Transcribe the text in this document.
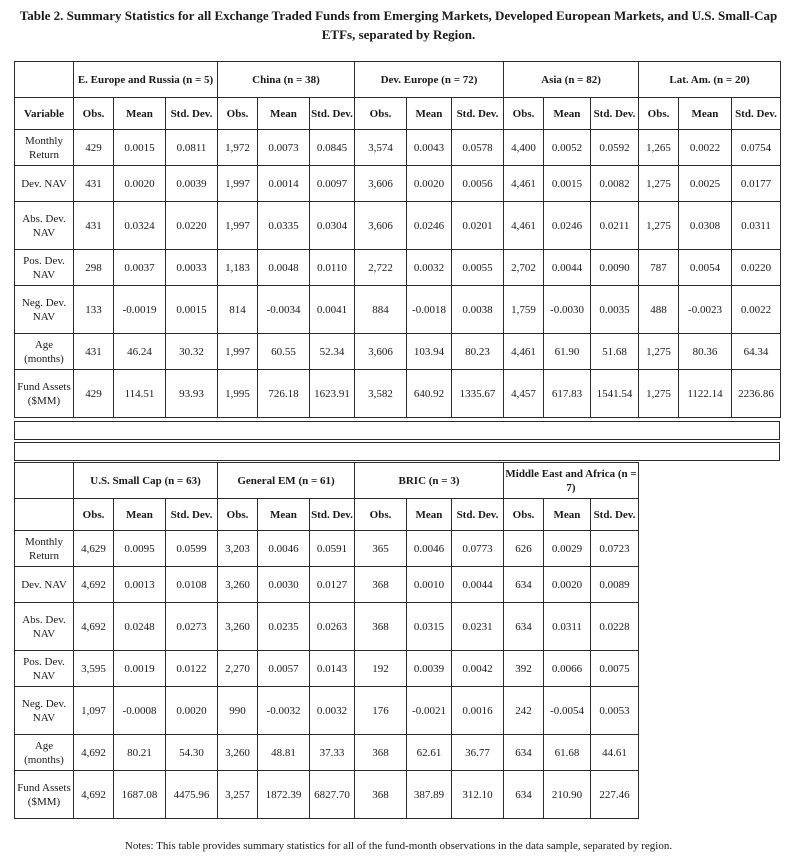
Table 2. Summary Statistics for all Exchange Traded Funds from Emerging Markets, Developed European Markets, and U.S. Small-Cap
ETFs, separated by Region.
	E. Europe and Russia (n = 5)			China (n = 38)			Dev. Europe (n = 72)			Asia (n = 82)			Lat. Am. (n = 20)		
Variable	Obs.	Mean	Std. Dev.	Obs.	Mean	Std. Dev.	Obs.	Mean	Std. Dev.	Obs.	Mean	Std. Dev.	Obs.	Mean	Std. Dev.
Monthly Return	429	0.0015	0.0811	1,972	0.0073	0.0845	3,574	0.0043	0.0578	4,400	0.0052	0.0592	1,265	0.0022	0.0754
Dev. NAV	431	0.0020	0.0039	1,997	0.0014	0.0097	3,606	0.0020	0.0056	4,461	0.0015	0.0082	1,275	0.0025	0.0177
Abs. Dev. NAV	431	0.0324	0.0220	1,997	0.0335	0.0304	3,606	0.0246	0.0201	4,461	0.0246	0.0211	1,275	0.0308	0.0311
Pos. Dev. NAV	298	0.0037	0.0033	1,183	0.0048	0.0110	2,722	0.0032	0.0055	2,702	0.0044	0.0090	787	0.0054	0.0220
Neg. Dev. NAV	133	-0.0019	0.0015	814	-0.0034	0.0041	884	-0.0018	0.0038	1,759	-0.0030	0.0035	488	-0.0023	0.0022
Age (months)	431	46.24	30.32	1,997	60.55	52.34	3,606	103.94	80.23	4,461	61.90	51.68	1,275	80.36	64.34
Fund Assets ($MM)	429	114.51	93.93	1,995	726.18	1623.91	3,582	640.92	1335.67	4,457	617.83	1541.54	1,275	1122.14	2236.86
	U.S. Small Cap (n = 63)			General EM (n = 61)			BRIC (n = 3)			Middle East and Africa (n = 7)			
	Obs.	Mean	Std. Dev.	Obs.	Mean	Std. Dev.	Obs.	Mean	Std. Dev.	Obs.	Mean	Std. Dev.	
Monthly Return	4,629	0.0095	0.0599	3,203	0.0046	0.0591	365	0.0046	0.0773	626	0.0029	0.0723	
Dev. NAV	4,692	0.0013	0.0108	3,260	0.0030	0.0127	368	0.0010	0.0044	634	0.0020	0.0089	
Abs. Dev. NAV	4,692	0.0248	0.0273	3,260	0.0235	0.0263	368	0.0315	0.0231	634	0.0311	0.0228	
Pos. Dev. NAV	3,595	0.0019	0.0122	2,270	0.0057	0.0143	192	0.0039	0.0042	392	0.0066	0.0075	
Neg. Dev. NAV	1,097	-0.0008	0.0020	990	-0.0032	0.0032	176	-0.0021	0.0016	242	-0.0054	0.0053	
Age (months)	4,692	80.21	54.30	3,260	48.81	37.33	368	62.61	36.77	634	61.68	44.61	
Fund Assets ($MM)	4,692	1687.08	4475.96	3,257	1872.39	6827.70	368	387.89	312.10	634	210.90	227.46	
Notes: This table provides summary statistics for all of the fund-month observations in the data sample, separated by region.
